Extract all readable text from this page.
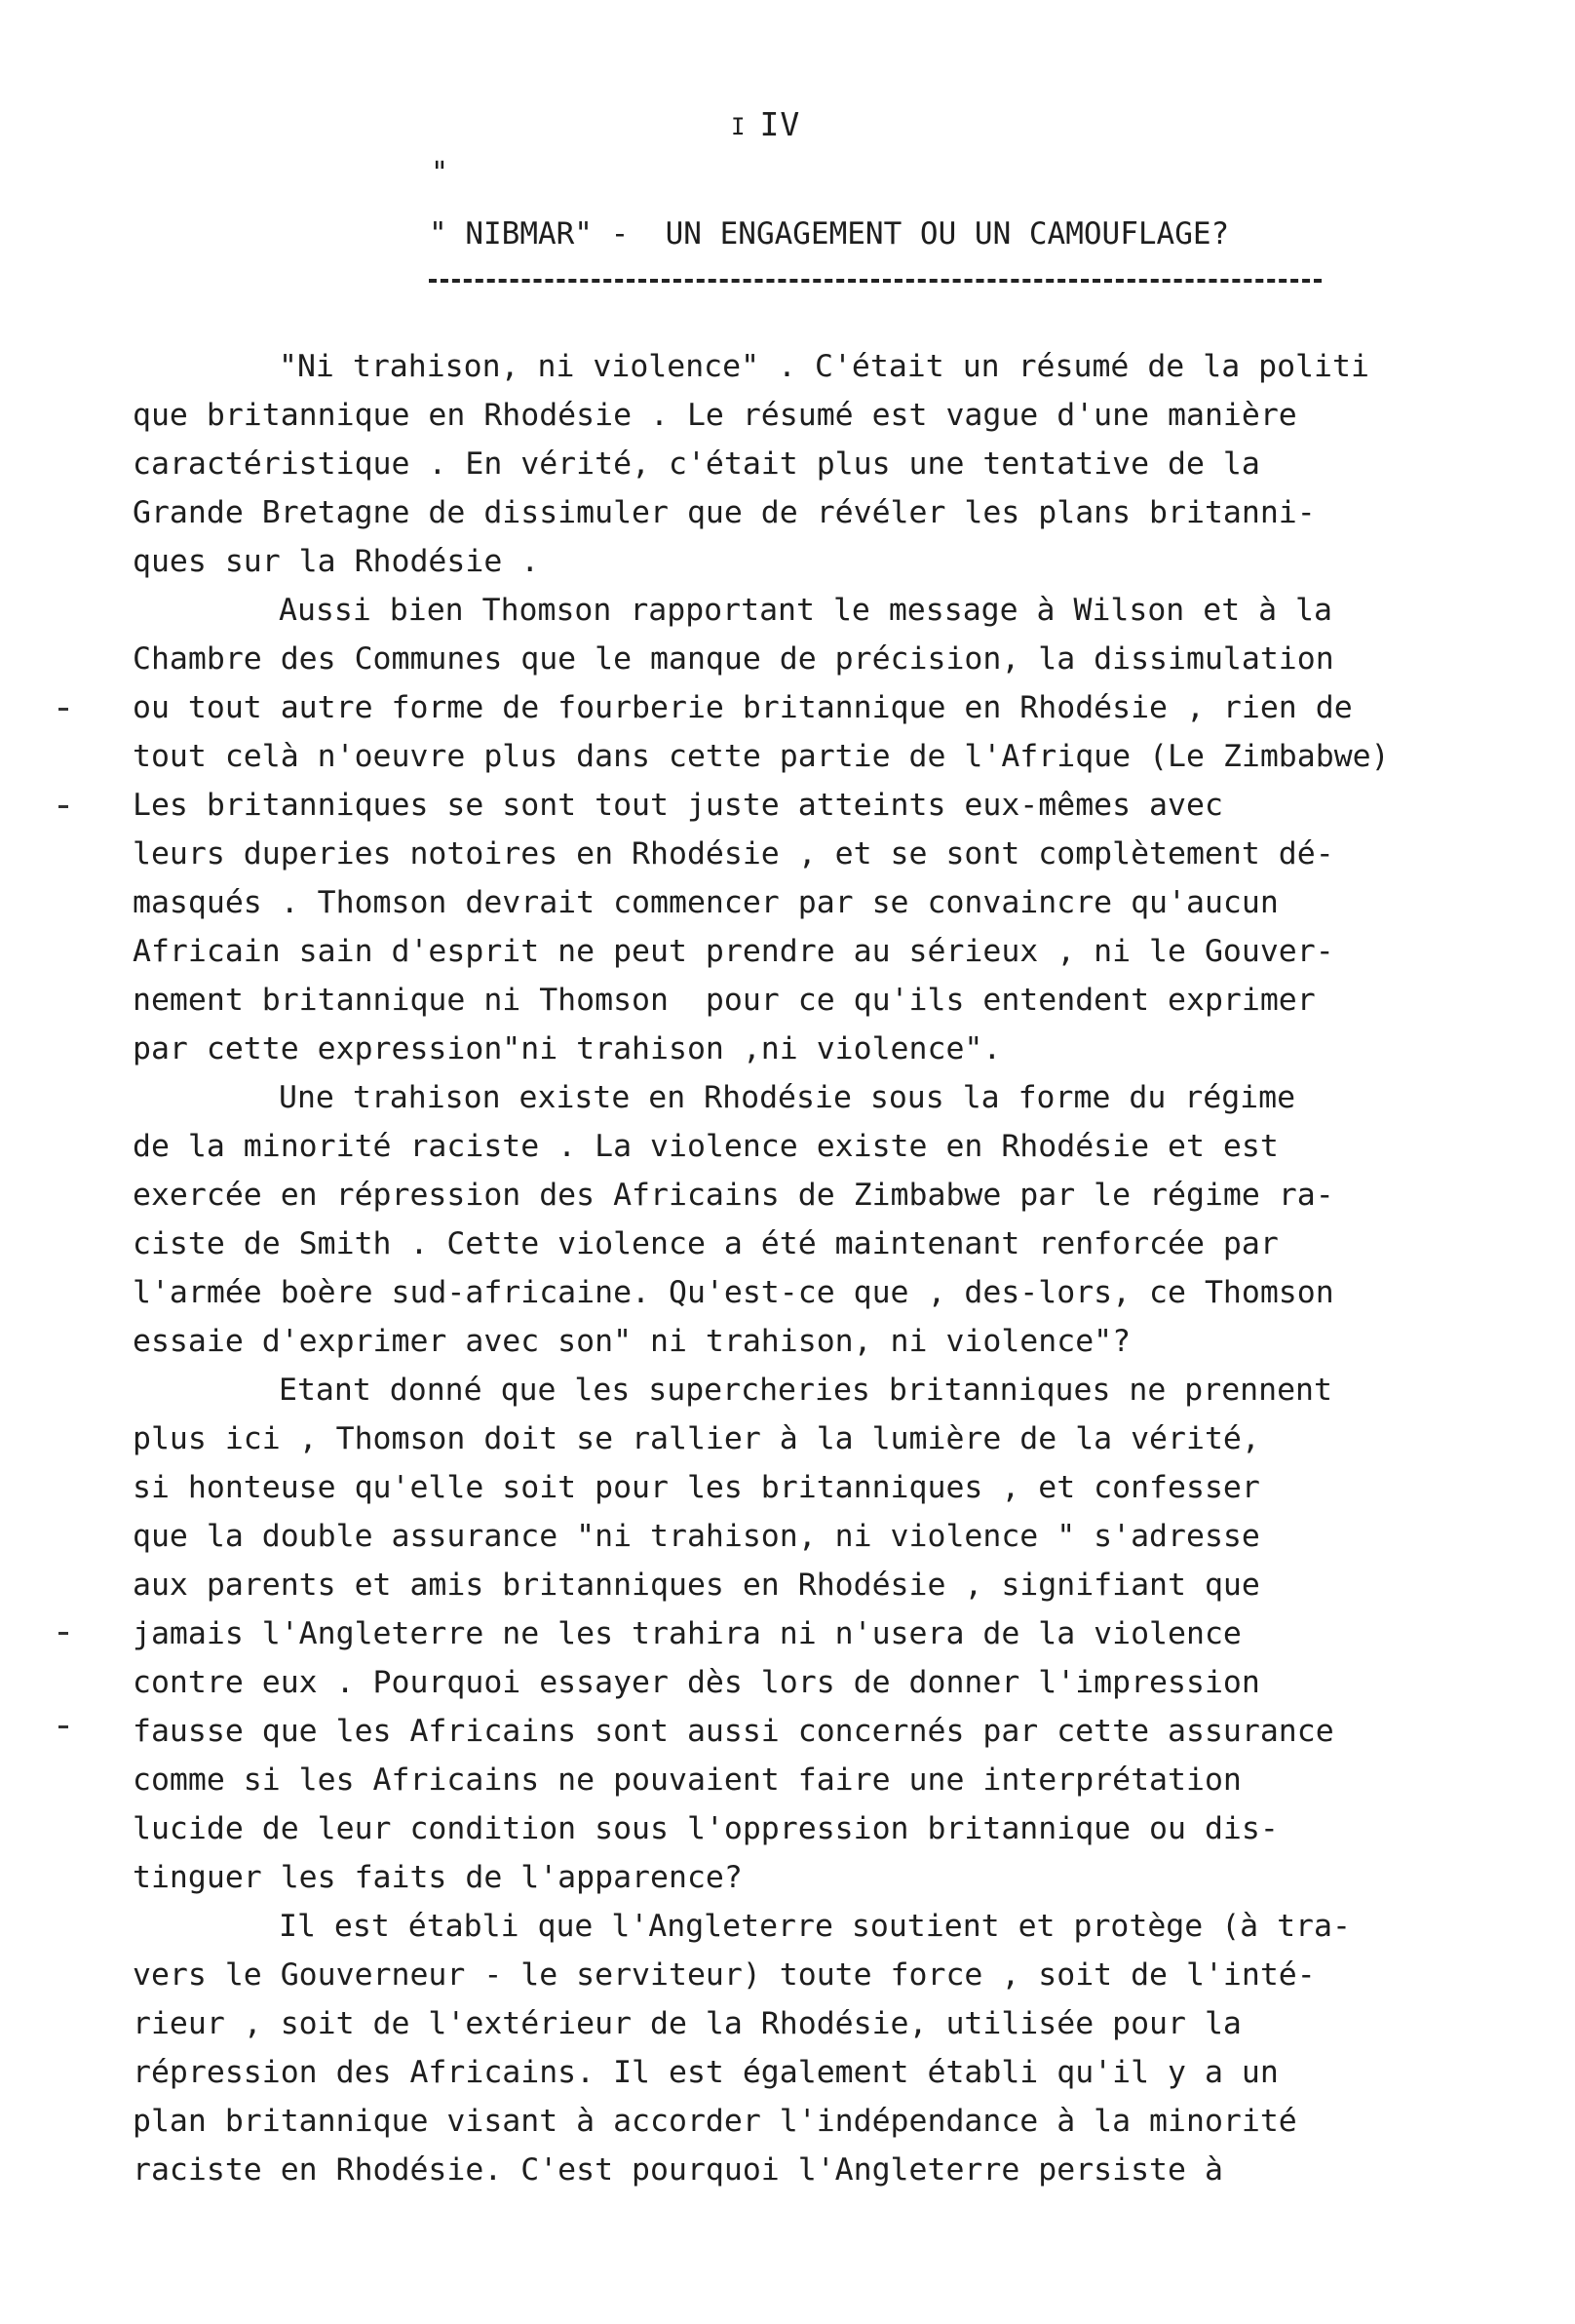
I IV
"
" NIBMAR" -  UN ENGAGEMENT OU UN CAMOUFLAGE?
"Ni trahison, ni violence" . C'était un résumé de la politi
que britannique en Rhodésie . Le résumé est vague d'une manière
caractéristique . En vérité, c'était plus une tentative de la
Grande Bretagne de dissimuler que de révéler les plans britanni-
ques sur la Rhodésie .
Aussi bien Thomson rapportant le message à Wilson et à la
Chambre des Communes que le manque de précision, la dissimulation
ou tout autre forme de fourberie britannique en Rhodésie , rien de
tout celà n'oeuvre plus dans cette partie de l'Afrique (Le Zimbabwe)
Les britanniques se sont tout juste atteints eux-mêmes avec
leurs duperies notoires en Rhodésie , et se sont complètement dé-
masqués . Thomson devrait commencer par se convaincre qu'aucun
Africain sain d'esprit ne peut prendre au sérieux , ni le Gouver-
nement britannique ni Thomson  pour ce qu'ils entendent exprimer
par cette expression"ni trahison ,ni violence".
Une trahison existe en Rhodésie sous la forme du régime
de la minorité raciste . La violence existe en Rhodésie et est
exercée en répression des Africains de Zimbabwe par le régime ra-
ciste de Smith . Cette violence a été maintenant renforcée par
l'armée boère sud-africaine. Qu'est-ce que , des-lors, ce Thomson
essaie d'exprimer avec son" ni trahison, ni violence"?
Etant donné que les supercheries britanniques ne prennent
plus ici , Thomson doit se rallier à la lumière de la vérité,
si honteuse qu'elle soit pour les britanniques , et confesser
que la double assurance "ni trahison, ni violence " s'adresse
aux parents et amis britanniques en Rhodésie , signifiant que
jamais l'Angleterre ne les trahira ni n'usera de la violence
contre eux . Pourquoi essayer dès lors de donner l'impression
fausse que les Africains sont aussi concernés par cette assurance
comme si les Africains ne pouvaient faire une interprétation
lucide de leur condition sous l'oppression britannique ou dis-
tinguer les faits de l'apparence?
Il est établi que l'Angleterre soutient et protège (à tra-
vers le Gouverneur - le serviteur) toute force , soit de l'inté-
rieur , soit de l'extérieur de la Rhodésie, utilisée pour la
répression des Africains. Il est également établi qu'il y a un
plan britannique visant à accorder l'indépendance à la minorité
raciste en Rhodésie. C'est pourquoi l'Angleterre persiste à
